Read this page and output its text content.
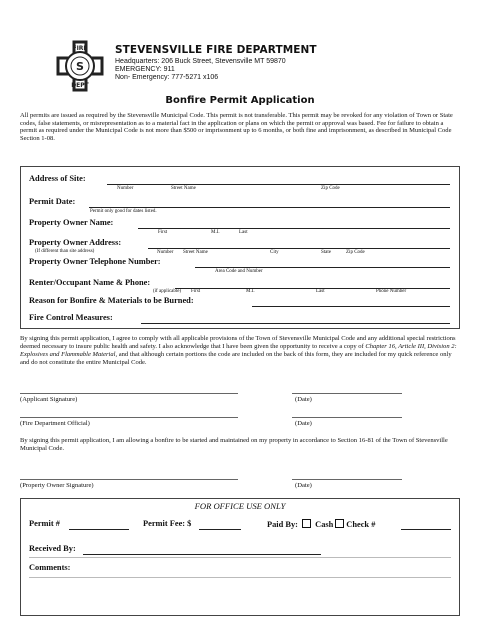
S
FIRE
DEPT
STEVENSVILLE FIRE DEPARTMENT
Headquarters: 206 Buck Street, Stevensville MT 59870
EMERGENCY: 911
Non- Emergency: 777-5271 x106
Bonfire Permit Application
All permits are issued as required by the Stevensville Municipal Code. This permit is not transferable. This permit may be revoked for any violation of Town or State codes, false statements, or misrepresentation as to a material fact in the application or plans on which the permit or approval was based. Fee for failure to obtain a permit as required under the Municipal Code is not more than $500 or imprisonment up to 6 months, or both fine and imprisonment, as described in Municipal Code Section 1-08.
Address of Site:
Number	Street Name	Zip Code
Permit Date:
Permit only good for dates listed.
Property Owner Name:
First	M.I.	Last
Property Owner Address:
(If different than site address)	Number Street Name	City	State	Zip Code
Property Owner Telephone Number:
Area Code and Number
Renter/Occupant Name & Phone:
(if applicable) First	M.I.	Last	Phone Number
Reason for Bonfire & Materials to be Burned:
Fire Control Measures:
By signing this permit application, I agree to comply with all applicable provisions of the Town of Stevensville Municipal Code and any additional special restrictions deemed necessary to insure public health and safety. I also acknowledge that I have been given the opportunity to receive a copy of Chapter 16, Article III, Division 2: Explosives and Flammable Material, and that although certain portions the code are included on the back of this form, they are included for my quick reference only and do not constitute the entire Municipal Code.
(Applicant Signature)	(Date)
(Fire Department Official)	(Date)
By signing this permit application, I am allowing a bonfire to be started and maintained on my property in accordance to Section 16-81 of the Town of Stevensville Municipal Code.
(Property Owner Signature)	(Date)
FOR OFFICE USE ONLY
Permit #	Permit Fee: $	Paid By: Cash Check #
Received By:
Comments:
